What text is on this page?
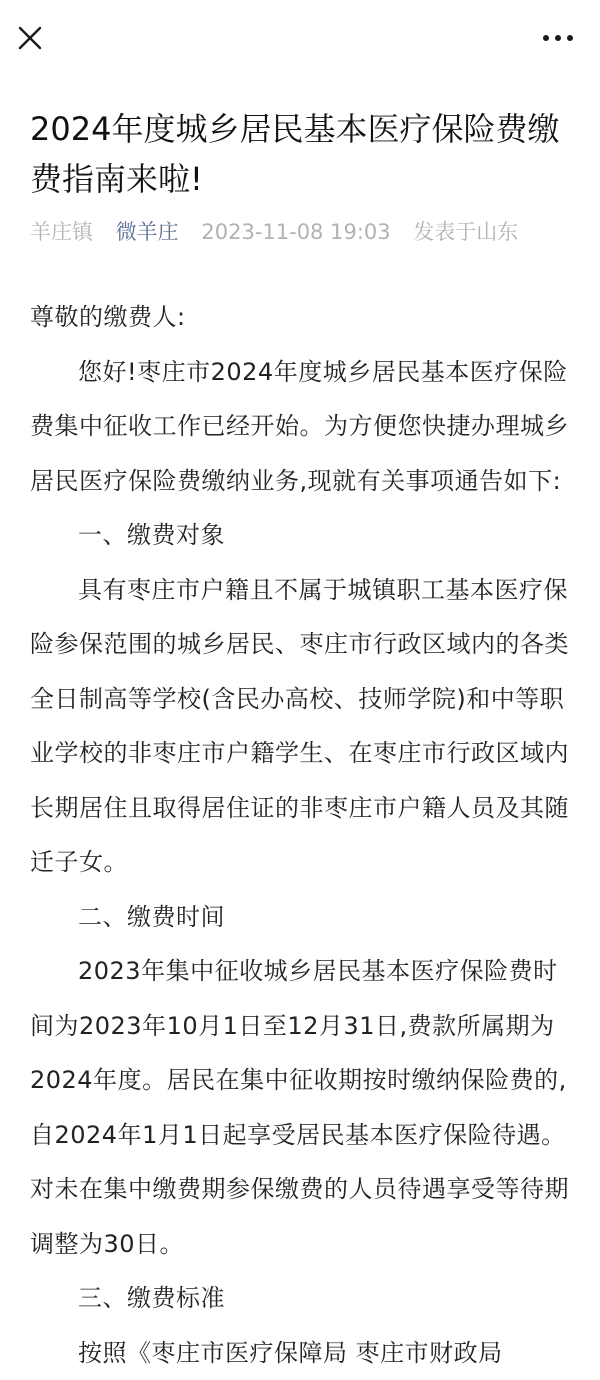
2024年度城乡居民基本医疗保险费缴费指南来啦!
羊庄镇 微羊庄 2023-11-08 19:03 发表于山东

尊敬的缴费人:

您好!枣庄市2024年度城乡居民基本医疗保险费集中征收工作已经开始。为方便您快捷办理城乡居民医疗保险费缴纳业务,现就有关事项通告如下:

一、缴费对象

具有枣庄市户籍且不属于城镇职工基本医疗保险参保范围的城乡居民、枣庄市行政区域内的各类全日制高等学校(含民办高校、技师学院)和中等职业学校的非枣庄市户籍学生、在枣庄市行政区域内长期居住且取得居住证的非枣庄市户籍人员及其随迁子女。

二、缴费时间

2023年集中征收城乡居民基本医疗保险费时间为2023年10月1日至12月31日,费款所属期为2024年度。居民在集中征收期按时缴纳保险费的,自2024年1月1日起享受居民基本医疗保险待遇。对未在集中缴费期参保缴费的人员待遇享受等待期调整为30日。

三、缴费标准

按照《枣庄市医疗保障局 枣庄市财政局
